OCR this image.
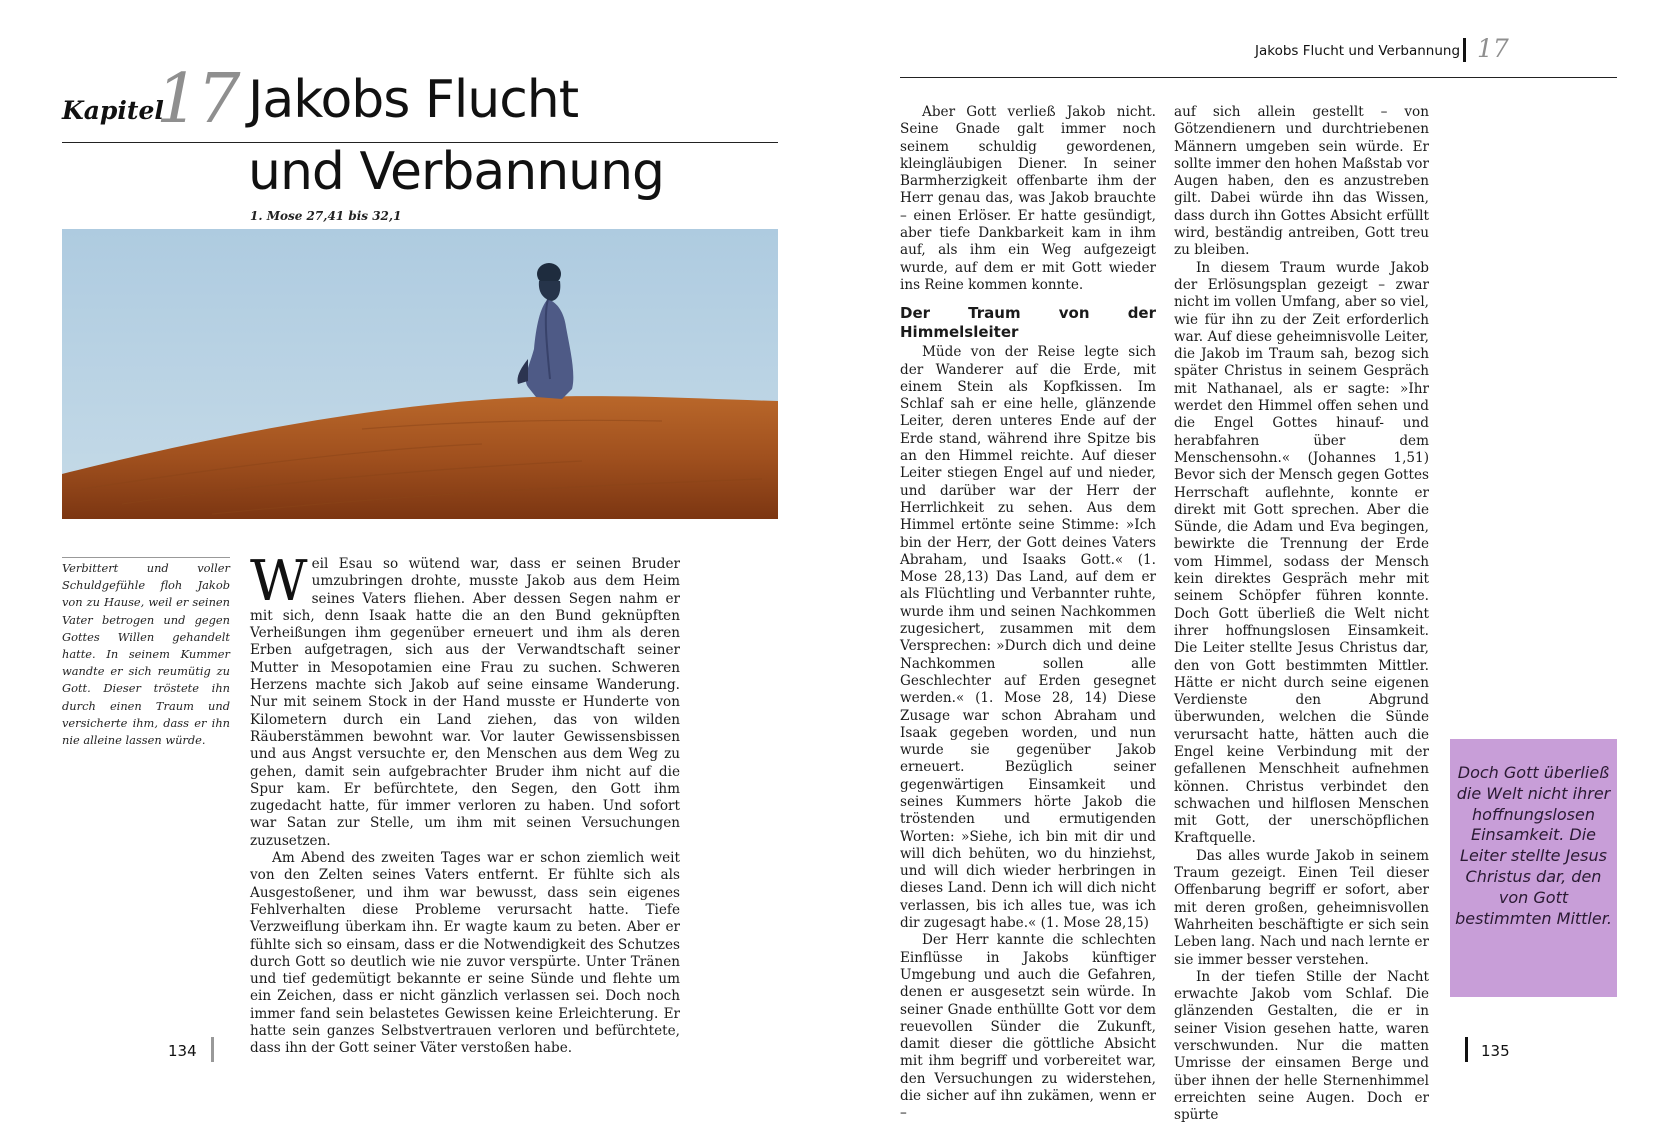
Kapitel
17 Jakobs Flucht
und Verbannung
1. Mose 27,41 bis 32,1
Verbittert und voller Schuldgefühle floh Jakob von zu Hause, weil er seinen Vater betrogen und gegen Gottes Willen gehandelt hatte. In seinem Kummer wandte er sich reumütig zu Gott. Dieser tröstete ihn durch einen Traum und versicherte ihm, dass er ihn nie alleine lassen würde.

Weil Esau so wütend war, dass er seinen Bruder umzubringen drohte, musste Jakob aus dem Heim seines Vaters fliehen. Aber dessen Segen nahm er mit sich, denn Isaak hatte die an den Bund geknüpften Verheißungen ihm gegenüber erneuert und ihm als deren Erben aufgetragen, sich aus der Verwandtschaft seiner Mutter in Mesopotamien eine Frau zu suchen. Schweren Herzens machte sich Jakob auf seine einsame Wanderung. Nur mit seinem Stock in der Hand musste er Hunderte von Kilometern durch ein Land ziehen, das von wilden Räuberstämmen bewohnt war. Vor lauter Gewissensbissen und aus Angst versuchte er, den Menschen aus dem Weg zu gehen, damit sein aufgebrachter Bruder ihm nicht auf die Spur kam. Er befürchtete, den Segen, den Gott ihm zugedacht hatte, für immer verloren zu haben. Und sofort war Satan zur Stelle, um ihm mit seinen Versuchungen zuzusetzen.

Am Abend des zweiten Tages war er schon ziemlich weit von den Zelten seines Vaters entfernt. Er fühlte sich als Ausgestoßener, und ihm war bewusst, dass sein eigenes Fehlverhalten diese Probleme verursacht hatte. Tiefe Verzweiflung überkam ihn. Er wagte kaum zu beten. Aber er fühlte sich so einsam, dass er die Notwendigkeit des Schutzes durch Gott so deutlich wie nie zuvor verspürte. Unter Tränen und tief gedemütigt bekannte er seine Sünde und flehte um ein Zeichen, dass er nicht gänzlich verlassen sei. Doch noch immer fand sein belastetes Gewissen keine Erleichterung. Er hatte sein ganzes Selbstvertrauen verloren und befürchtete, dass ihn der Gott seiner Väter verstoßen habe.

134
Jakobs Flucht und Verbannung 17

Aber Gott verließ Jakob nicht. Seine Gnade galt immer noch seinem schuldig gewordenen, kleingläubigen Diener. In seiner Barmherzigkeit offenbarte ihm der Herr genau das, was Jakob brauchte – einen Erlöser. Er hatte gesündigt, aber tiefe Dankbarkeit kam in ihm auf, als ihm ein Weg aufgezeigt wurde, auf dem er mit Gott wieder ins Reine kommen konnte.

Der Traum von der Himmelsleiter

Müde von der Reise legte sich der Wanderer auf die Erde, mit einem Stein als Kopfkissen. Im Schlaf sah er eine helle, glänzende Leiter, deren unteres Ende auf der Erde stand, während ihre Spitze bis an den Himmel reichte. Auf dieser Leiter stiegen Engel auf und nieder, und darüber war der Herr der Herrlichkeit zu sehen. Aus dem Himmel ertönte seine Stimme: »Ich bin der Herr, der Gott deines Vaters Abraham, und Isaaks Gott.« (1. Mose 28,13) Das Land, auf dem er als Flüchtling und Verbannter ruhte, wurde ihm und seinen Nachkommen zugesichert, zusammen mit dem Versprechen: »Durch dich und deine Nachkommen sollen alle Geschlechter auf Erden gesegnet werden.« (1. Mose 28, 14) Diese Zusage war schon Abraham und Isaak gegeben worden, und nun wurde sie gegenüber Jakob erneuert. Bezüglich seiner gegenwärtigen Einsamkeit und seines Kummers hörte Jakob die tröstenden und ermutigenden Worten: »Siehe, ich bin mit dir und will dich behüten, wo du hinziehst, und will dich wieder herbringen in dieses Land. Denn ich will dich nicht verlassen, bis ich alles tue, was ich dir zugesagt habe.« (1. Mose 28,15)

Der Herr kannte die schlechten Einflüsse in Jakobs künftiger Umgebung und auch die Gefahren, denen er ausgesetzt sein würde. In seiner Gnade enthüllte Gott vor dem reuevollen Sünder die Zukunft, damit dieser die göttliche Absicht mit ihm begriff und vorbereitet war, den Versuchungen zu widerstehen, die sicher auf ihn zukämen, wenn er –

auf sich allein gestellt – von Götzendienern und durchtriebenen Männern umgeben sein würde. Er sollte immer den hohen Maßstab vor Augen haben, den es anzustreben gilt. Dabei würde ihn das Wissen, dass durch ihn Gottes Absicht erfüllt wird, beständig antreiben, Gott treu zu bleiben.

In diesem Traum wurde Jakob der Erlösungsplan gezeigt – zwar nicht im vollen Umfang, aber so viel, wie für ihn zu der Zeit erforderlich war. Auf diese geheimnisvolle Leiter, die Jakob im Traum sah, bezog sich später Christus in seinem Gespräch mit Nathanael, als er sagte: »Ihr werdet den Himmel offen sehen und die Engel Gottes hinauf- und herabfahren über dem Menschensohn.« (Johannes 1,51) Bevor sich der Mensch gegen Gottes Herrschaft auflehnte, konnte er direkt mit Gott sprechen. Aber die Sünde, die Adam und Eva begingen, bewirkte die Trennung der Erde vom Himmel, sodass der Mensch kein direktes Gespräch mehr mit seinem Schöpfer führen konnte. Doch Gott überließ die Welt nicht ihrer hoffnungslosen Einsamkeit. Die Leiter stellte Jesus Christus dar, den von Gott bestimmten Mittler. Hätte er nicht durch seine eigenen Verdienste den Abgrund überwunden, welchen die Sünde verursacht hatte, hätten auch die Engel keine Verbindung mit der gefallenen Menschheit aufnehmen können. Christus verbindet den schwachen und hilflosen Menschen mit Gott, der unerschöpflichen Kraftquelle.

Das alles wurde Jakob in seinem Traum gezeigt. Einen Teil dieser Offenbarung begriff er sofort, aber mit deren großen, geheimnisvollen Wahrheiten beschäftigte er sich sein Leben lang. Nach und nach lernte er sie immer besser verstehen.

In der tiefen Stille der Nacht erwachte Jakob vom Schlaf. Die glänzenden Gestalten, die er in seiner Vision gesehen hatte, waren verschwunden. Nur die matten Umrisse der einsamen Berge und über ihnen der helle Sternenhimmel erreichten seine Augen. Doch er spürte

Doch Gott überließ die Welt nicht ihrer hoffnungslosen Einsamkeit. Die Leiter stellte Jesus Christus dar, den von Gott bestimmten Mittler.
135
